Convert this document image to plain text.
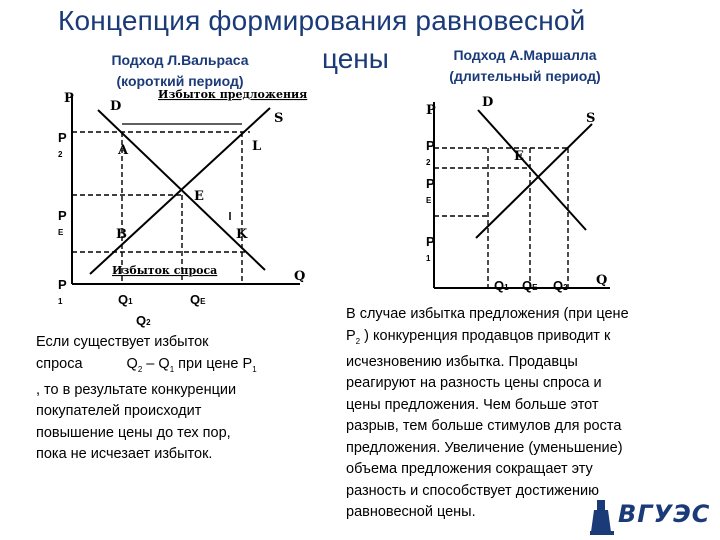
Концепция формирования равновесной
цены
Подход Л.Вальраса
(короткий период)
Подход А.Маршалла
(длительный период)
P
Q
D
S
Избыток предложения
Избыток спроса
A	L
E
B	K
P
2
P
E
P
1	Q1	QE
Q2
P
Q
D
S
E
P
2
P
E
P
1
Q1 QE Q2
Если существует избыток
спроса	$Q_2 - Q_1$ при цене $P_1$
, то в результате конкуренции
покупателей происходит
повышение цены до тех пор,
пока не исчезает избыток.
В случае избытка предложения (при цене
$P_2$ ) конкуренция продавцов приводит к
исчезновению избытка. Продавцы
реагируют на разность цены спроса и
цены предложения. Чем больше этот
разрыв, тем больше стимулов для роста
предложения. Увеличение (уменьшение)
объема предложения сокращает эту
разность и способствует достижению
равновесной цены.	ВГУЭС
